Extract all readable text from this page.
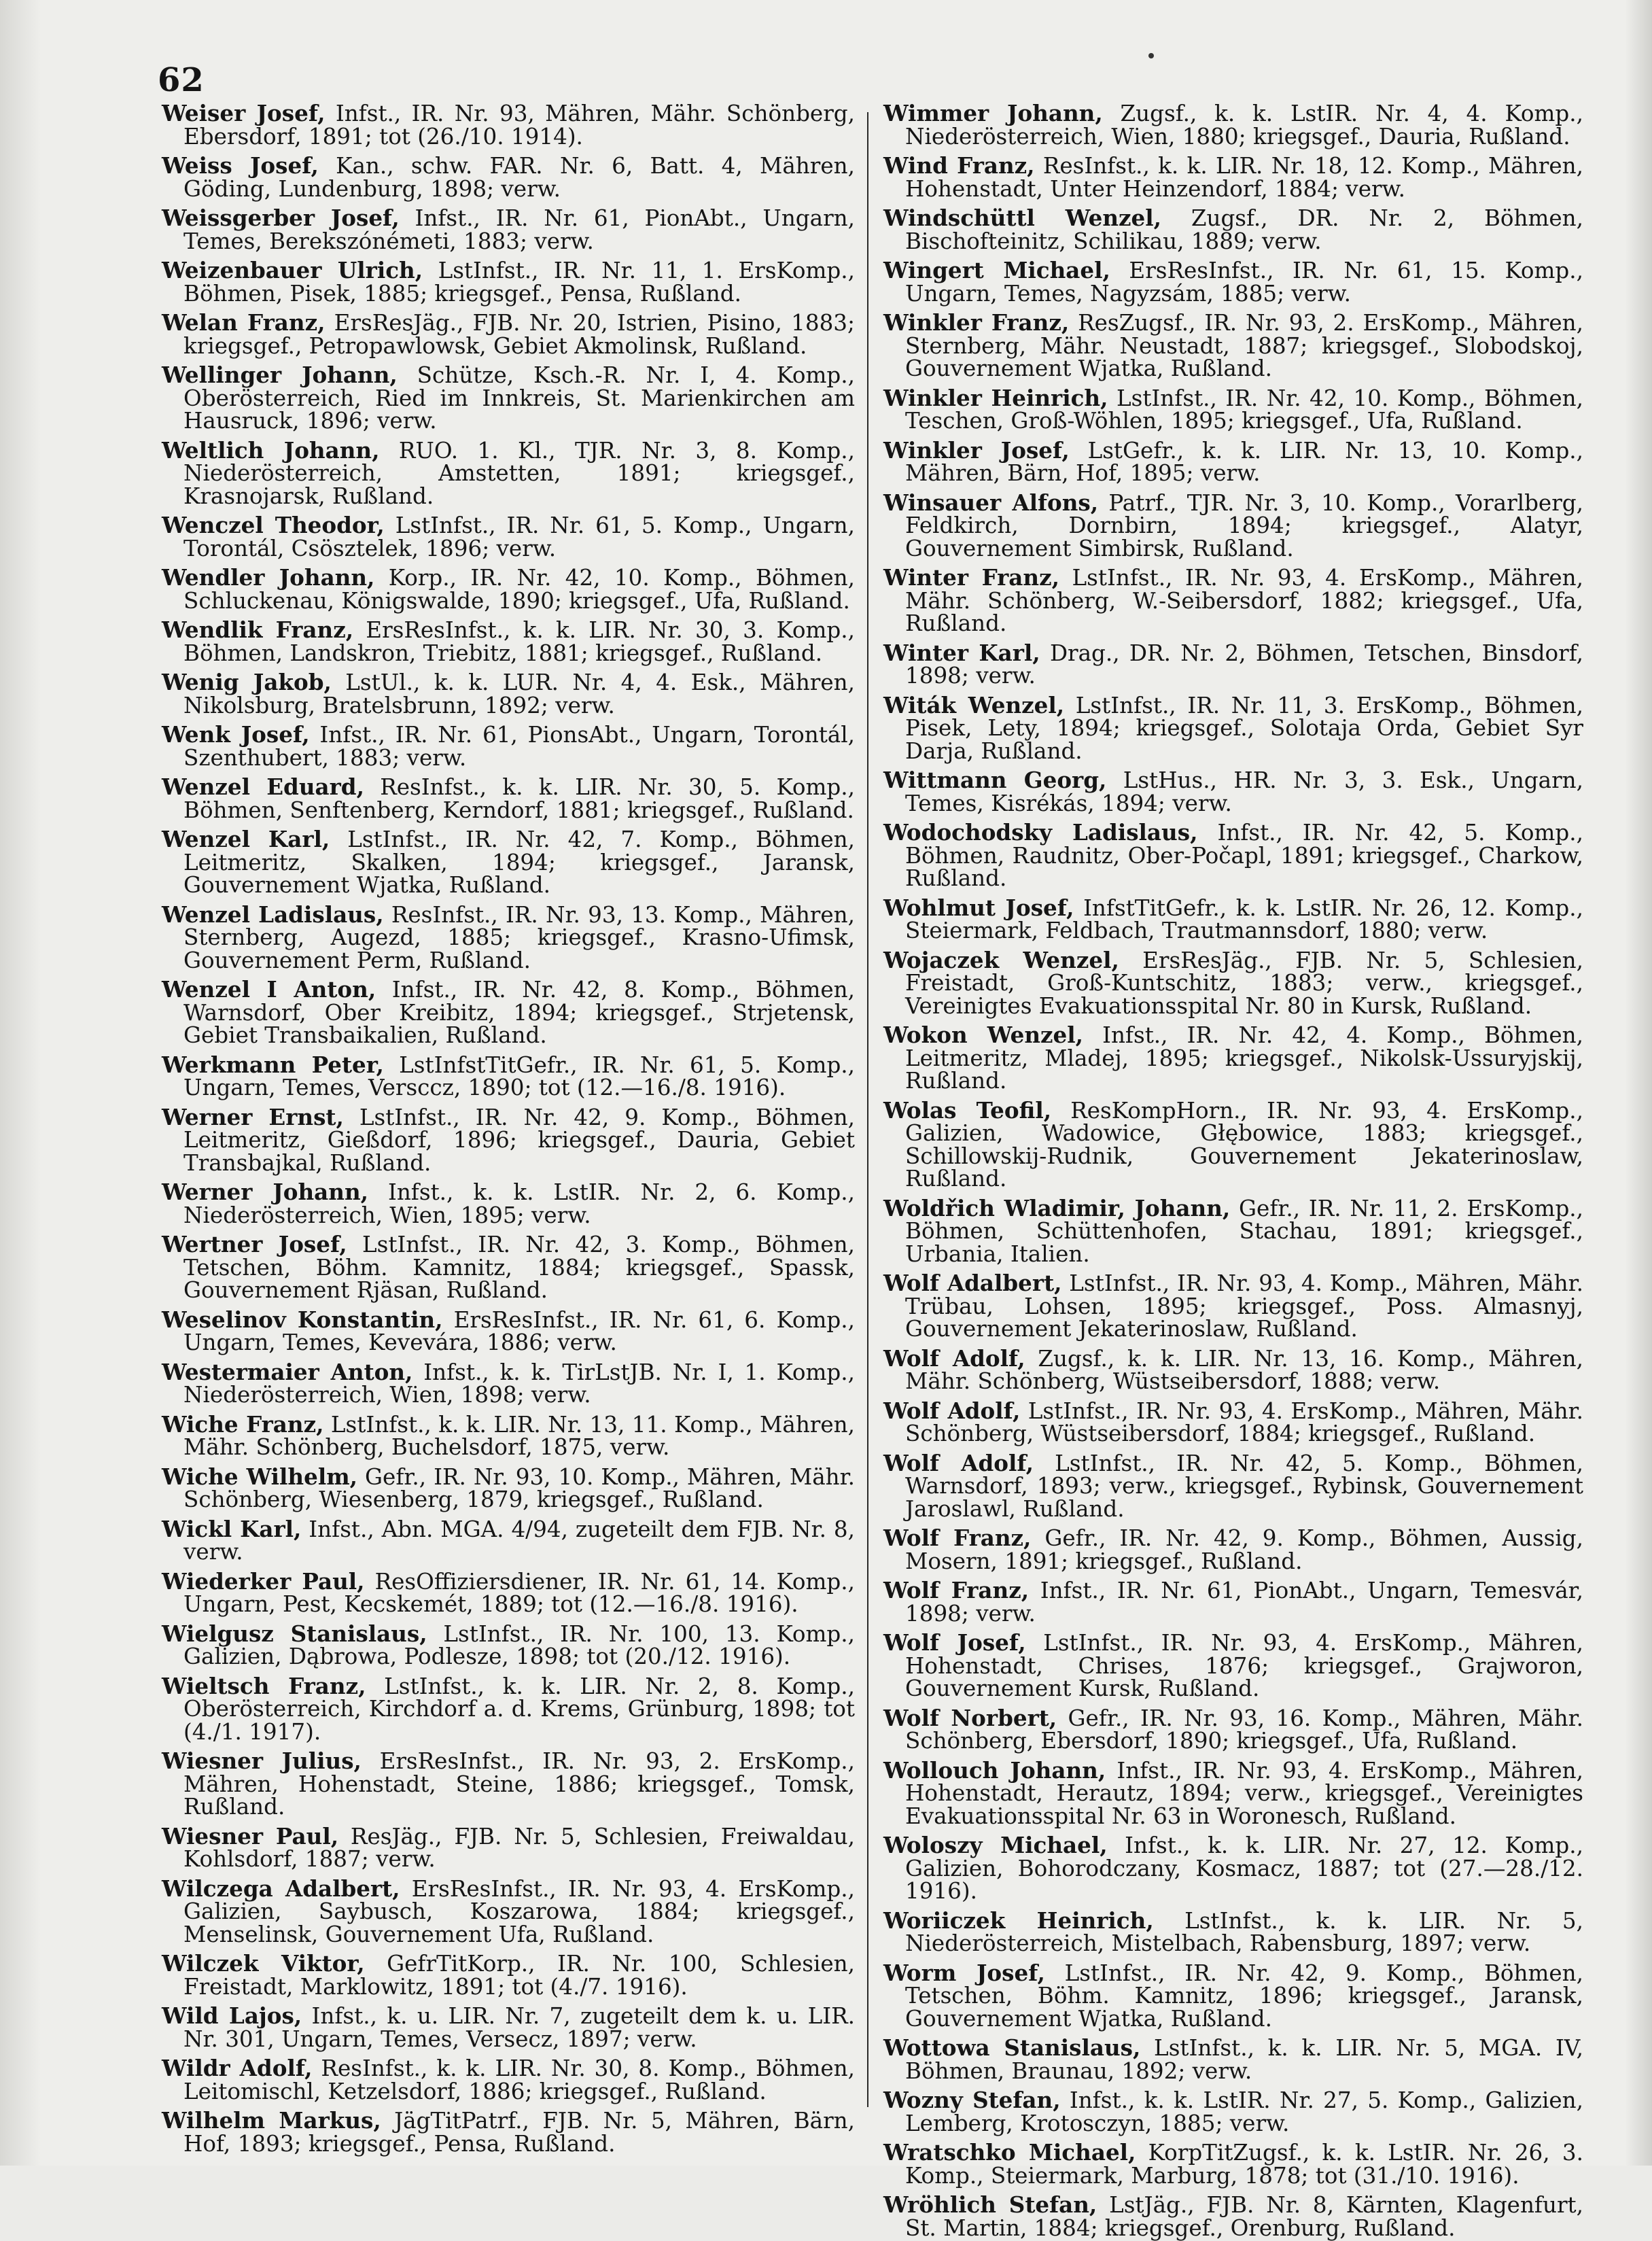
62

Weiser Josef, Infst., IR. Nr. 93, Mähren, Mähr. Schönberg, Ebersdorf, 1891; tot (26./10. 1914).

Weiss Josef, Kan., schw. FAR. Nr. 6, Batt. 4, Mähren, Göding, Lundenburg, 1898; verw.

Weissgerber Josef, Infst., IR. Nr. 61, PionAbt., Ungarn, Temes, Berekszónémeti, 1883; verw.

Weizenbauer Ulrich, LstInfst., IR. Nr. 11, 1. ErsKomp., Böhmen, Pisek, 1885; kriegsgef., Pensa, Rußland.

Welan Franz, ErsResJäg., FJB. Nr. 20, Istrien, Pisino, 1883; kriegsgef., Petropawlowsk, Gebiet Akmolinsk, Rußland.

Wellinger Johann, Schütze, Ksch.-R. Nr. I, 4. Komp., Oberösterreich, Ried im Innkreis, St. Marienkirchen am Hausruck, 1896; verw.

Weltlich Johann, RUO. 1. Kl., TJR. Nr. 3, 8. Komp., Niederösterreich, Amstetten, 1891; kriegsgef., Krasnojarsk, Rußland.

Wenczel Theodor, LstInfst., IR. Nr. 61, 5. Komp., Ungarn, Torontál, Csösztelek, 1896; verw.

Wendler Johann, Korp., IR. Nr. 42, 10. Komp., Böhmen, Schluckenau, Königswalde, 1890; kriegsgef., Ufa, Rußland.

Wendlik Franz, ErsResInfst., k. k. LIR. Nr. 30, 3. Komp., Böhmen, Landskron, Triebitz, 1881; kriegsgef., Rußland.

Wenig Jakob, LstUl., k. k. LUR. Nr. 4, 4. Esk., Mähren, Nikolsburg, Bratelsbrunn, 1892; verw.

Wenk Josef, Infst., IR. Nr. 61, PionsAbt., Ungarn, Torontál, Szenthubert, 1883; verw.

Wenzel Eduard, ResInfst., k. k. LIR. Nr. 30, 5. Komp., Böhmen, Senftenberg, Kerndorf, 1881; kriegsgef., Rußland.

Wenzel Karl, LstInfst., IR. Nr. 42, 7. Komp., Böhmen, Leitmeritz, Skalken, 1894; kriegsgef., Jaransk, Gouvernement Wjatka, Rußland.

Wenzel Ladislaus, ResInfst., IR. Nr. 93, 13. Komp., Mähren, Sternberg, Augezd, 1885; kriegsgef., Krasno-Ufimsk, Gouvernement Perm, Rußland.

Wenzel I Anton, Infst., IR. Nr. 42, 8. Komp., Böhmen, Warnsdorf, Ober Kreibitz, 1894; kriegsgef., Strjetensk, Gebiet Transbaikalien, Rußland.

Werkmann Peter, LstInfstTitGefr., IR. Nr. 61, 5. Komp., Ungarn, Temes, Versccz, 1890; tot (12.—16./8. 1916).

Werner Ernst, LstInfst., IR. Nr. 42, 9. Komp., Böhmen, Leitmeritz, Gießdorf, 1896; kriegsgef., Dauria, Gebiet Transbajkal, Rußland.

Werner Johann, Infst., k. k. LstIR. Nr. 2, 6. Komp., Niederösterreich, Wien, 1895; verw.

Wertner Josef, LstInfst., IR. Nr. 42, 3. Komp., Böhmen, Tetschen, Böhm. Kamnitz, 1884; kriegsgef., Spassk, Gouvernement Rjäsan, Rußland.

Weselinov Konstantin, ErsResInfst., IR. Nr. 61, 6. Komp., Ungarn, Temes, Kevevára, 1886; verw.

Westermaier Anton, Infst., k. k. TirLstJB. Nr. I, 1. Komp., Niederösterreich, Wien, 1898; verw.

Wiche Franz, LstInfst., k. k. LIR. Nr. 13, 11. Komp., Mähren, Mähr. Schönberg, Buchelsdorf, 1875, verw.

Wiche Wilhelm, Gefr., IR. Nr. 93, 10. Komp., Mähren, Mähr. Schönberg, Wiesenberg, 1879, kriegsgef., Rußland.

Wickl Karl, Infst., Abn. MGA. 4/94, zugeteilt dem FJB. Nr. 8, verw.

Wiederker Paul, ResOffiziersdiener, IR. Nr. 61, 14. Komp., Ungarn, Pest, Kecskemét, 1889; tot (12.—16./8. 1916).

Wielgusz Stanislaus, LstInfst., IR. Nr. 100, 13. Komp., Galizien, Dąbrowa, Podlesze, 1898; tot (20./12. 1916).

Wieltsch Franz, LstInfst., k. k. LIR. Nr. 2, 8. Komp., Oberösterreich, Kirchdorf a. d. Krems, Grünburg, 1898; tot (4./1. 1917).

Wiesner Julius, ErsResInfst., IR. Nr. 93, 2. ErsKomp., Mähren, Hohenstadt, Steine, 1886; kriegsgef., Tomsk, Rußland.

Wiesner Paul, ResJäg., FJB. Nr. 5, Schlesien, Freiwaldau, Kohlsdorf, 1887; verw.

Wilczega Adalbert, ErsResInfst., IR. Nr. 93, 4. ErsKomp., Galizien, Saybusch, Koszarowa, 1884; kriegsgef., Menselinsk, Gouvernement Ufa, Rußland.

Wilczek Viktor, GefrTitKorp., IR. Nr. 100, Schlesien, Freistadt, Marklowitz, 1891; tot (4./7. 1916).

Wild Lajos, Infst., k. u. LIR. Nr. 7, zugeteilt dem k. u. LIR. Nr. 301, Ungarn, Temes, Versecz, 1897; verw.

Wildr Adolf, ResInfst., k. k. LIR. Nr. 30, 8. Komp., Böhmen, Leitomischl, Ketzelsdorf, 1886; kriegsgef., Rußland.

Wilhelm Markus, JägTitPatrf., FJB. Nr. 5, Mähren, Bärn, Hof, 1893; kriegsgef., Pensa, Rußland.

Wimmer Johann, Zugsf., k. k. LstIR. Nr. 4, 4. Komp., Niederösterreich, Wien, 1880; kriegsgef., Dauria, Rußland.

Wind Franz, ResInfst., k. k. LIR. Nr. 18, 12. Komp., Mähren, Hohenstadt, Unter Heinzendorf, 1884; verw.

Windschüttl Wenzel, Zugsf., DR. Nr. 2, Böhmen, Bischofteinitz, Schilikau, 1889; verw.

Wingert Michael, ErsResInfst., IR. Nr. 61, 15. Komp., Ungarn, Temes, Nagyzsám, 1885; verw.

Winkler Franz, ResZugsf., IR. Nr. 93, 2. ErsKomp., Mähren, Sternberg, Mähr. Neustadt, 1887; kriegsgef., Slobodskoj, Gouvernement Wjatka, Rußland.

Winkler Heinrich, LstInfst., IR. Nr. 42, 10. Komp., Böhmen, Teschen, Groß-Wöhlen, 1895; kriegsgef., Ufa, Rußland.

Winkler Josef, LstGefr., k. k. LIR. Nr. 13, 10. Komp., Mähren, Bärn, Hof, 1895; verw.

Winsauer Alfons, Patrf., TJR. Nr. 3, 10. Komp., Vorarlberg, Feldkirch, Dornbirn, 1894; kriegsgef., Alatyr, Gouvernement Simbirsk, Rußland.

Winter Franz, LstInfst., IR. Nr. 93, 4. ErsKomp., Mähren, Mähr. Schönberg, W.-Seibersdorf, 1882; kriegsgef., Ufa, Rußland.

Winter Karl, Drag., DR. Nr. 2, Böhmen, Tetschen, Binsdorf, 1898; verw.

Witák Wenzel, LstInfst., IR. Nr. 11, 3. ErsKomp., Böhmen, Pisek, Lety, 1894; kriegsgef., Solotaja Orda, Gebiet Syr Darja, Rußland.

Wittmann Georg, LstHus., HR. Nr. 3, 3. Esk., Ungarn, Temes, Kisrékás, 1894; verw.

Wodochodsky Ladislaus, Infst., IR. Nr. 42, 5. Komp., Böhmen, Raudnitz, Ober-Počapl, 1891; kriegsgef., Charkow, Rußland.

Wohlmut Josef, InfstTitGefr., k. k. LstIR. Nr. 26, 12. Komp., Steiermark, Feldbach, Trautmannsdorf, 1880; verw.

Wojaczek Wenzel, ErsResJäg., FJB. Nr. 5, Schlesien, Freistadt, Groß-Kuntschitz, 1883; verw., kriegsgef., Vereinigtes Evakuationsspital Nr. 80 in Kursk, Rußland.

Wokon Wenzel, Infst., IR. Nr. 42, 4. Komp., Böhmen, Leitmeritz, Mladej, 1895; kriegsgef., Nikolsk-Ussuryjskij, Rußland.

Wolas Teofil, ResKompHorn., IR. Nr. 93, 4. ErsKomp., Galizien, Wadowice, Głębowice, 1883; kriegsgef., Schillowskij-Rudnik, Gouvernement Jekaterinoslaw, Rußland.

Woldřich Wladimir, Johann, Gefr., IR. Nr. 11, 2. ErsKomp., Böhmen, Schüttenhofen, Stachau, 1891; kriegsgef., Urbania, Italien.

Wolf Adalbert, LstInfst., IR. Nr. 93, 4. Komp., Mähren, Mähr. Trübau, Lohsen, 1895; kriegsgef., Poss. Almasnyj, Gouvernement Jekaterinoslaw, Rußland.

Wolf Adolf, Zugsf., k. k. LIR. Nr. 13, 16. Komp., Mähren, Mähr. Schönberg, Wüstseibersdorf, 1888; verw.

Wolf Adolf, LstInfst., IR. Nr. 93, 4. ErsKomp., Mähren, Mähr. Schönberg, Wüstseibersdorf, 1884; kriegsgef., Rußland.

Wolf Adolf, LstInfst., IR. Nr. 42, 5. Komp., Böhmen, Warnsdorf, 1893; verw., kriegsgef., Rybinsk, Gouvernement Jaroslawl, Rußland.

Wolf Franz, Gefr., IR. Nr. 42, 9. Komp., Böhmen, Aussig, Mosern, 1891; kriegsgef., Rußland.

Wolf Franz, Infst., IR. Nr. 61, PionAbt., Ungarn, Temesvár, 1898; verw.

Wolf Josef, LstInfst., IR. Nr. 93, 4. ErsKomp., Mähren, Hohenstadt, Chrises, 1876; kriegsgef., Grajworon, Gouvernement Kursk, Rußland.

Wolf Norbert, Gefr., IR. Nr. 93, 16. Komp., Mähren, Mähr. Schönberg, Ebersdorf, 1890; kriegsgef., Ufa, Rußland.

Wollouch Johann, Infst., IR. Nr. 93, 4. ErsKomp., Mähren, Hohenstadt, Herautz, 1894; verw., kriegsgef., Vereinigtes Evakuationsspital Nr. 63 in Woronesch, Rußland.

Woloszy Michael, Infst., k. k. LIR. Nr. 27, 12. Komp., Galizien, Bohorodczany, Kosmacz, 1887; tot (27.—28./12. 1916).

Woriiczek Heinrich, LstInfst., k. k. LIR. Nr. 5, Niederösterreich, Mistelbach, Rabensburg, 1897; verw.

Worm Josef, LstInfst., IR. Nr. 42, 9. Komp., Böhmen, Tetschen, Böhm. Kamnitz, 1896; kriegsgef., Jaransk, Gouvernement Wjatka, Rußland.

Wottowa Stanislaus, LstInfst., k. k. LIR. Nr. 5, MGA. IV, Böhmen, Braunau, 1892; verw.

Wozny Stefan, Infst., k. k. LstIR. Nr. 27, 5. Komp., Galizien, Lemberg, Krotosczyn, 1885; verw.

Wratschko Michael, KorpTitZugsf., k. k. LstIR. Nr. 26, 3. Komp., Steiermark, Marburg, 1878; tot (31./10. 1916).

Wröhlich Stefan, LstJäg., FJB. Nr. 8, Kärnten, Klagenfurt, St. Martin, 1884; kriegsgef., Orenburg, Rußland.
